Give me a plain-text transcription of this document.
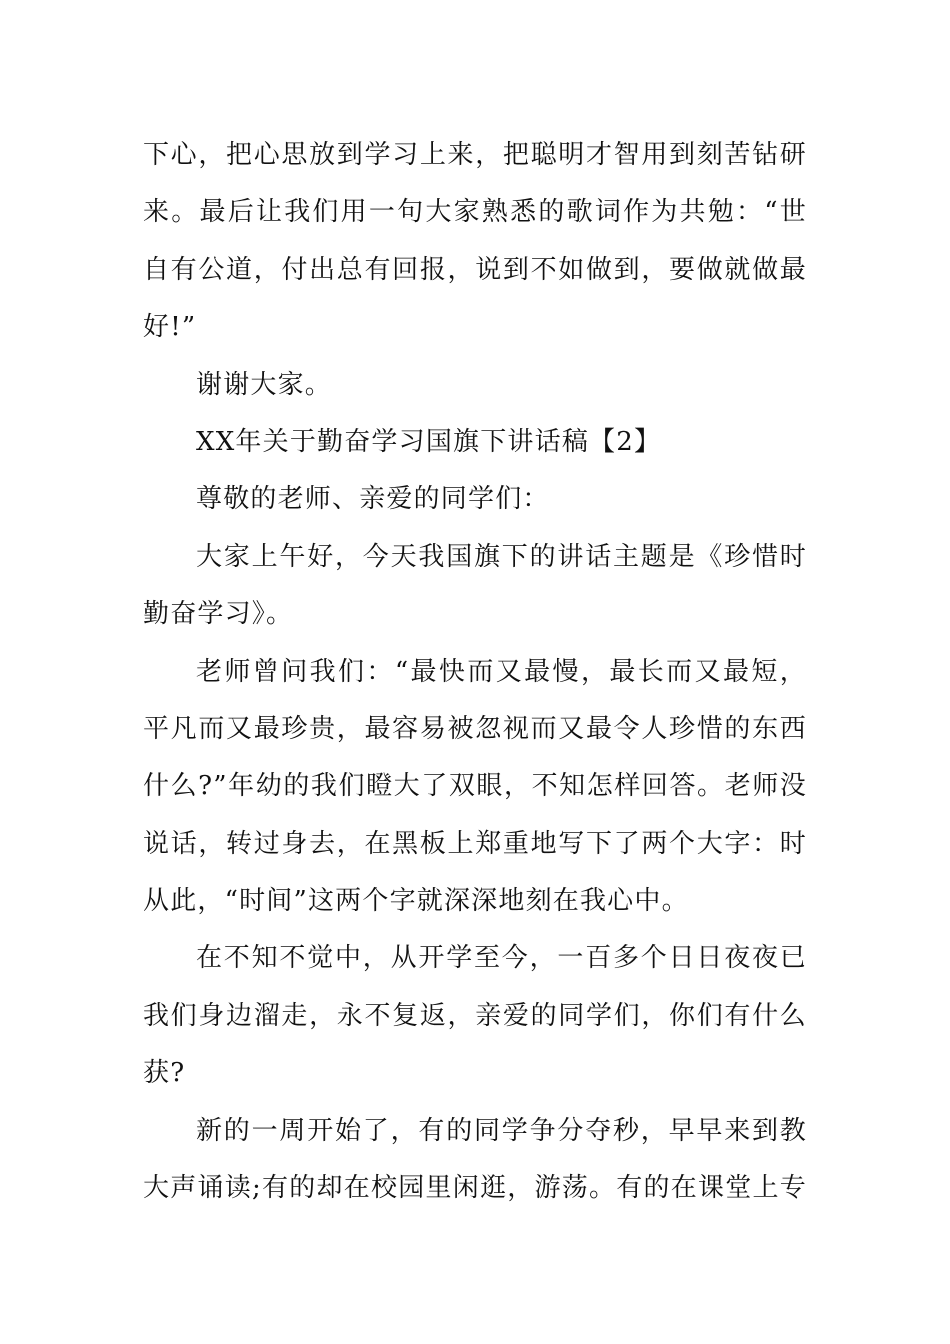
下心，把心思放到学习上来，把聪明才智用到刻苦钻研
来。最后让我们用一句大家熟悉的歌词作为共勉：“世
自有公道，付出总有回报，说到不如做到，要做就做最
好!”
谢谢大家。
XX年关于勤奋学习国旗下讲话稿【2】
尊敬的老师、亲爱的同学们：
大家上午好，今天我国旗下的讲话主题是《珍惜时
勤奋学习》。
老师曾问我们：“最快而又最慢，最长而又最短，
平凡而又最珍贵，最容易被忽视而又最令人珍惜的东西
什么?”年幼的我们瞪大了双眼，不知怎样回答。老师没
说话，转过身去，在黑板上郑重地写下了两个大字：时
从此，“时间”这两个字就深深地刻在我心中。
在不知不觉中，从开学至今，一百多个日日夜夜已
我们身边溜走，永不复返，亲爱的同学们，你们有什么
获?
新的一周开始了，有的同学争分夺秒，早早来到教
大声诵读;有的却在校园里闲逛，游荡。有的在课堂上专
